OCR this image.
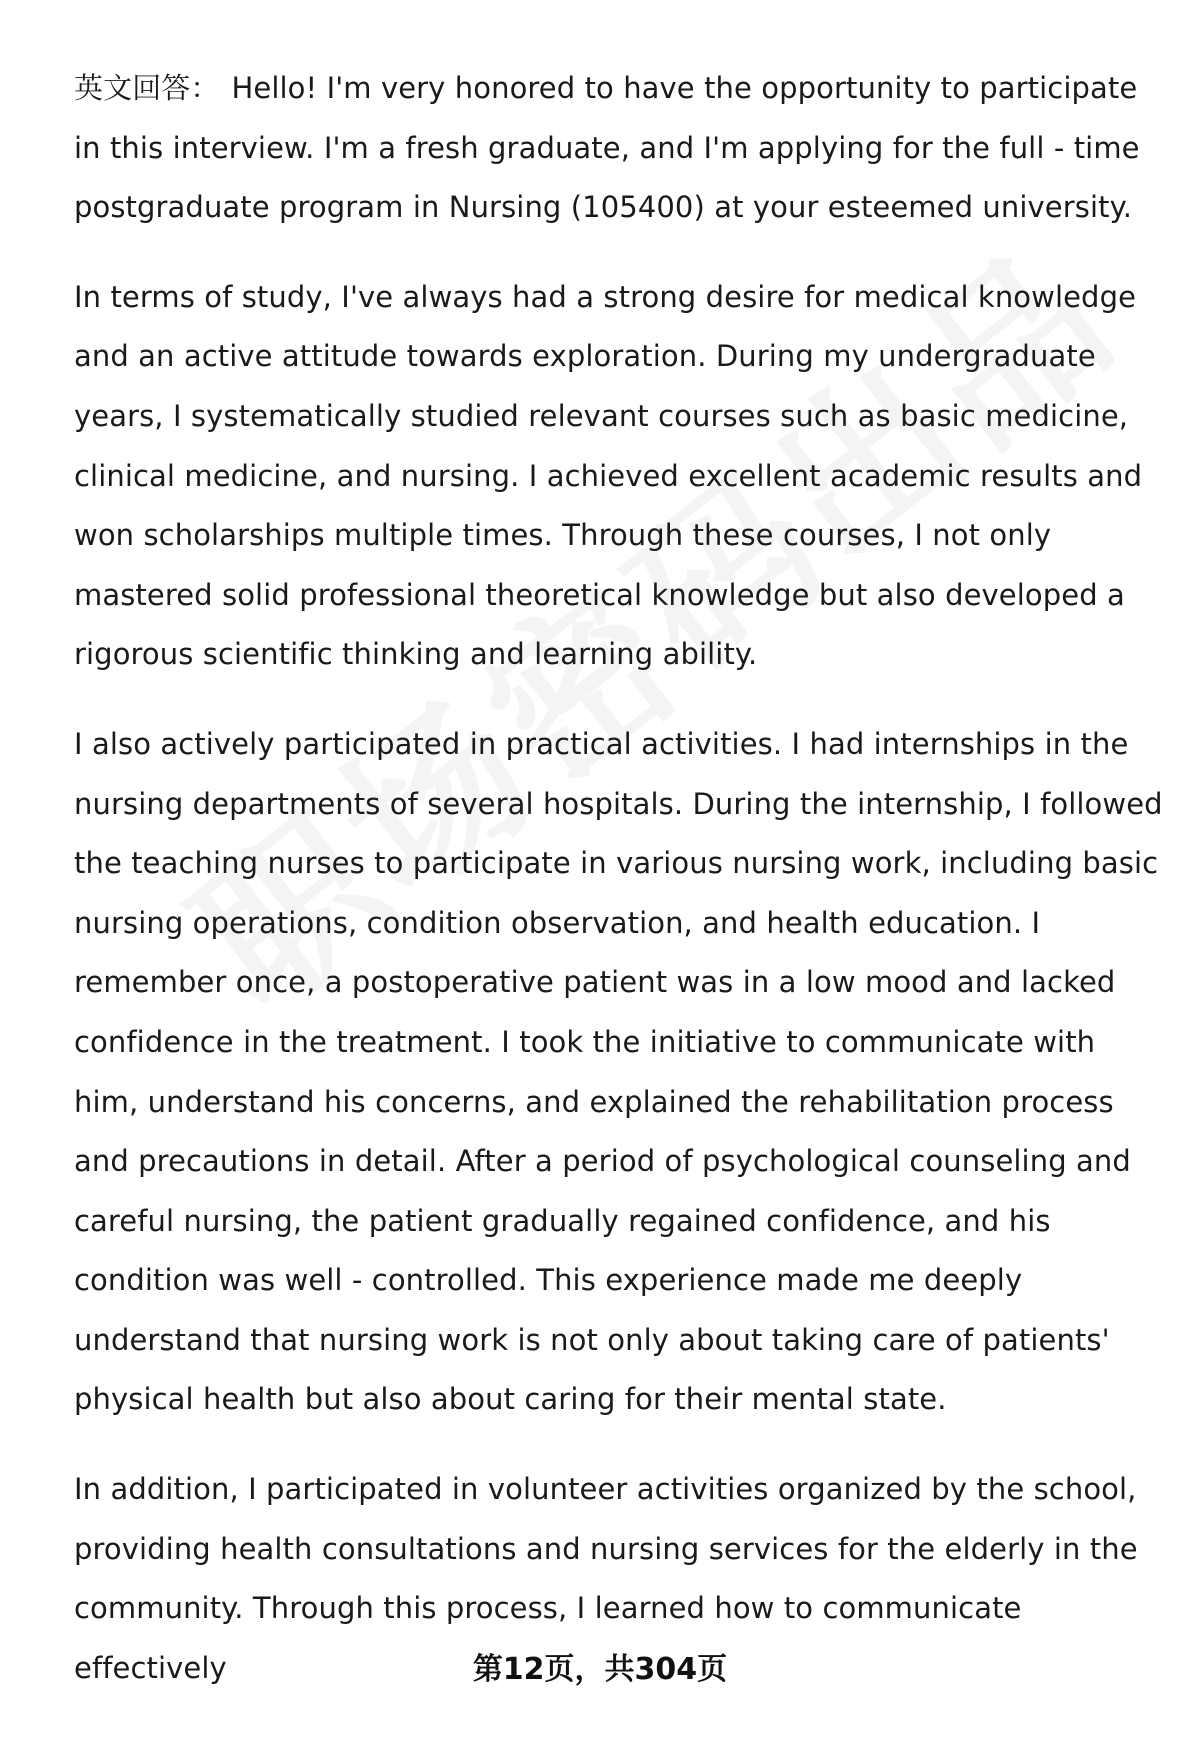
英文回答： Hello! I'm very honored to have the opportunity to participate in this interview. I'm a fresh graduate, and I'm applying for the full - time postgraduate program in Nursing (105400) at your esteemed university.

In terms of study, I've always had a strong desire for medical knowledge and an active attitude towards exploration. During my undergraduate years, I systematically studied relevant courses such as basic medicine, clinical medicine, and nursing. I achieved excellent academic results and won scholarships multiple times. Through these courses, I not only mastered solid professional theoretical knowledge but also developed a rigorous scientific thinking and learning ability.

I also actively participated in practical activities. I had internships in the nursing departments of several hospitals. During the internship, I followed the teaching nurses to participate in various nursing work, including basic nursing operations, condition observation, and health education. I remember once, a postoperative patient was in a low mood and lacked confidence in the treatment. I took the initiative to communicate with him, understand his concerns, and explained the rehabilitation process and precautions in detail. After a period of psychological counseling and careful nursing, the patient gradually regained confidence, and his condition was well - controlled. This experience made me deeply understand that nursing work is not only about taking care of patients' physical health but also about caring for their mental state.

In addition, I participated in volunteer activities organized by the school, providing health consultations and nursing services for the elderly in the community. Through this process, I learned how to communicate effectively	第12页，共304页
